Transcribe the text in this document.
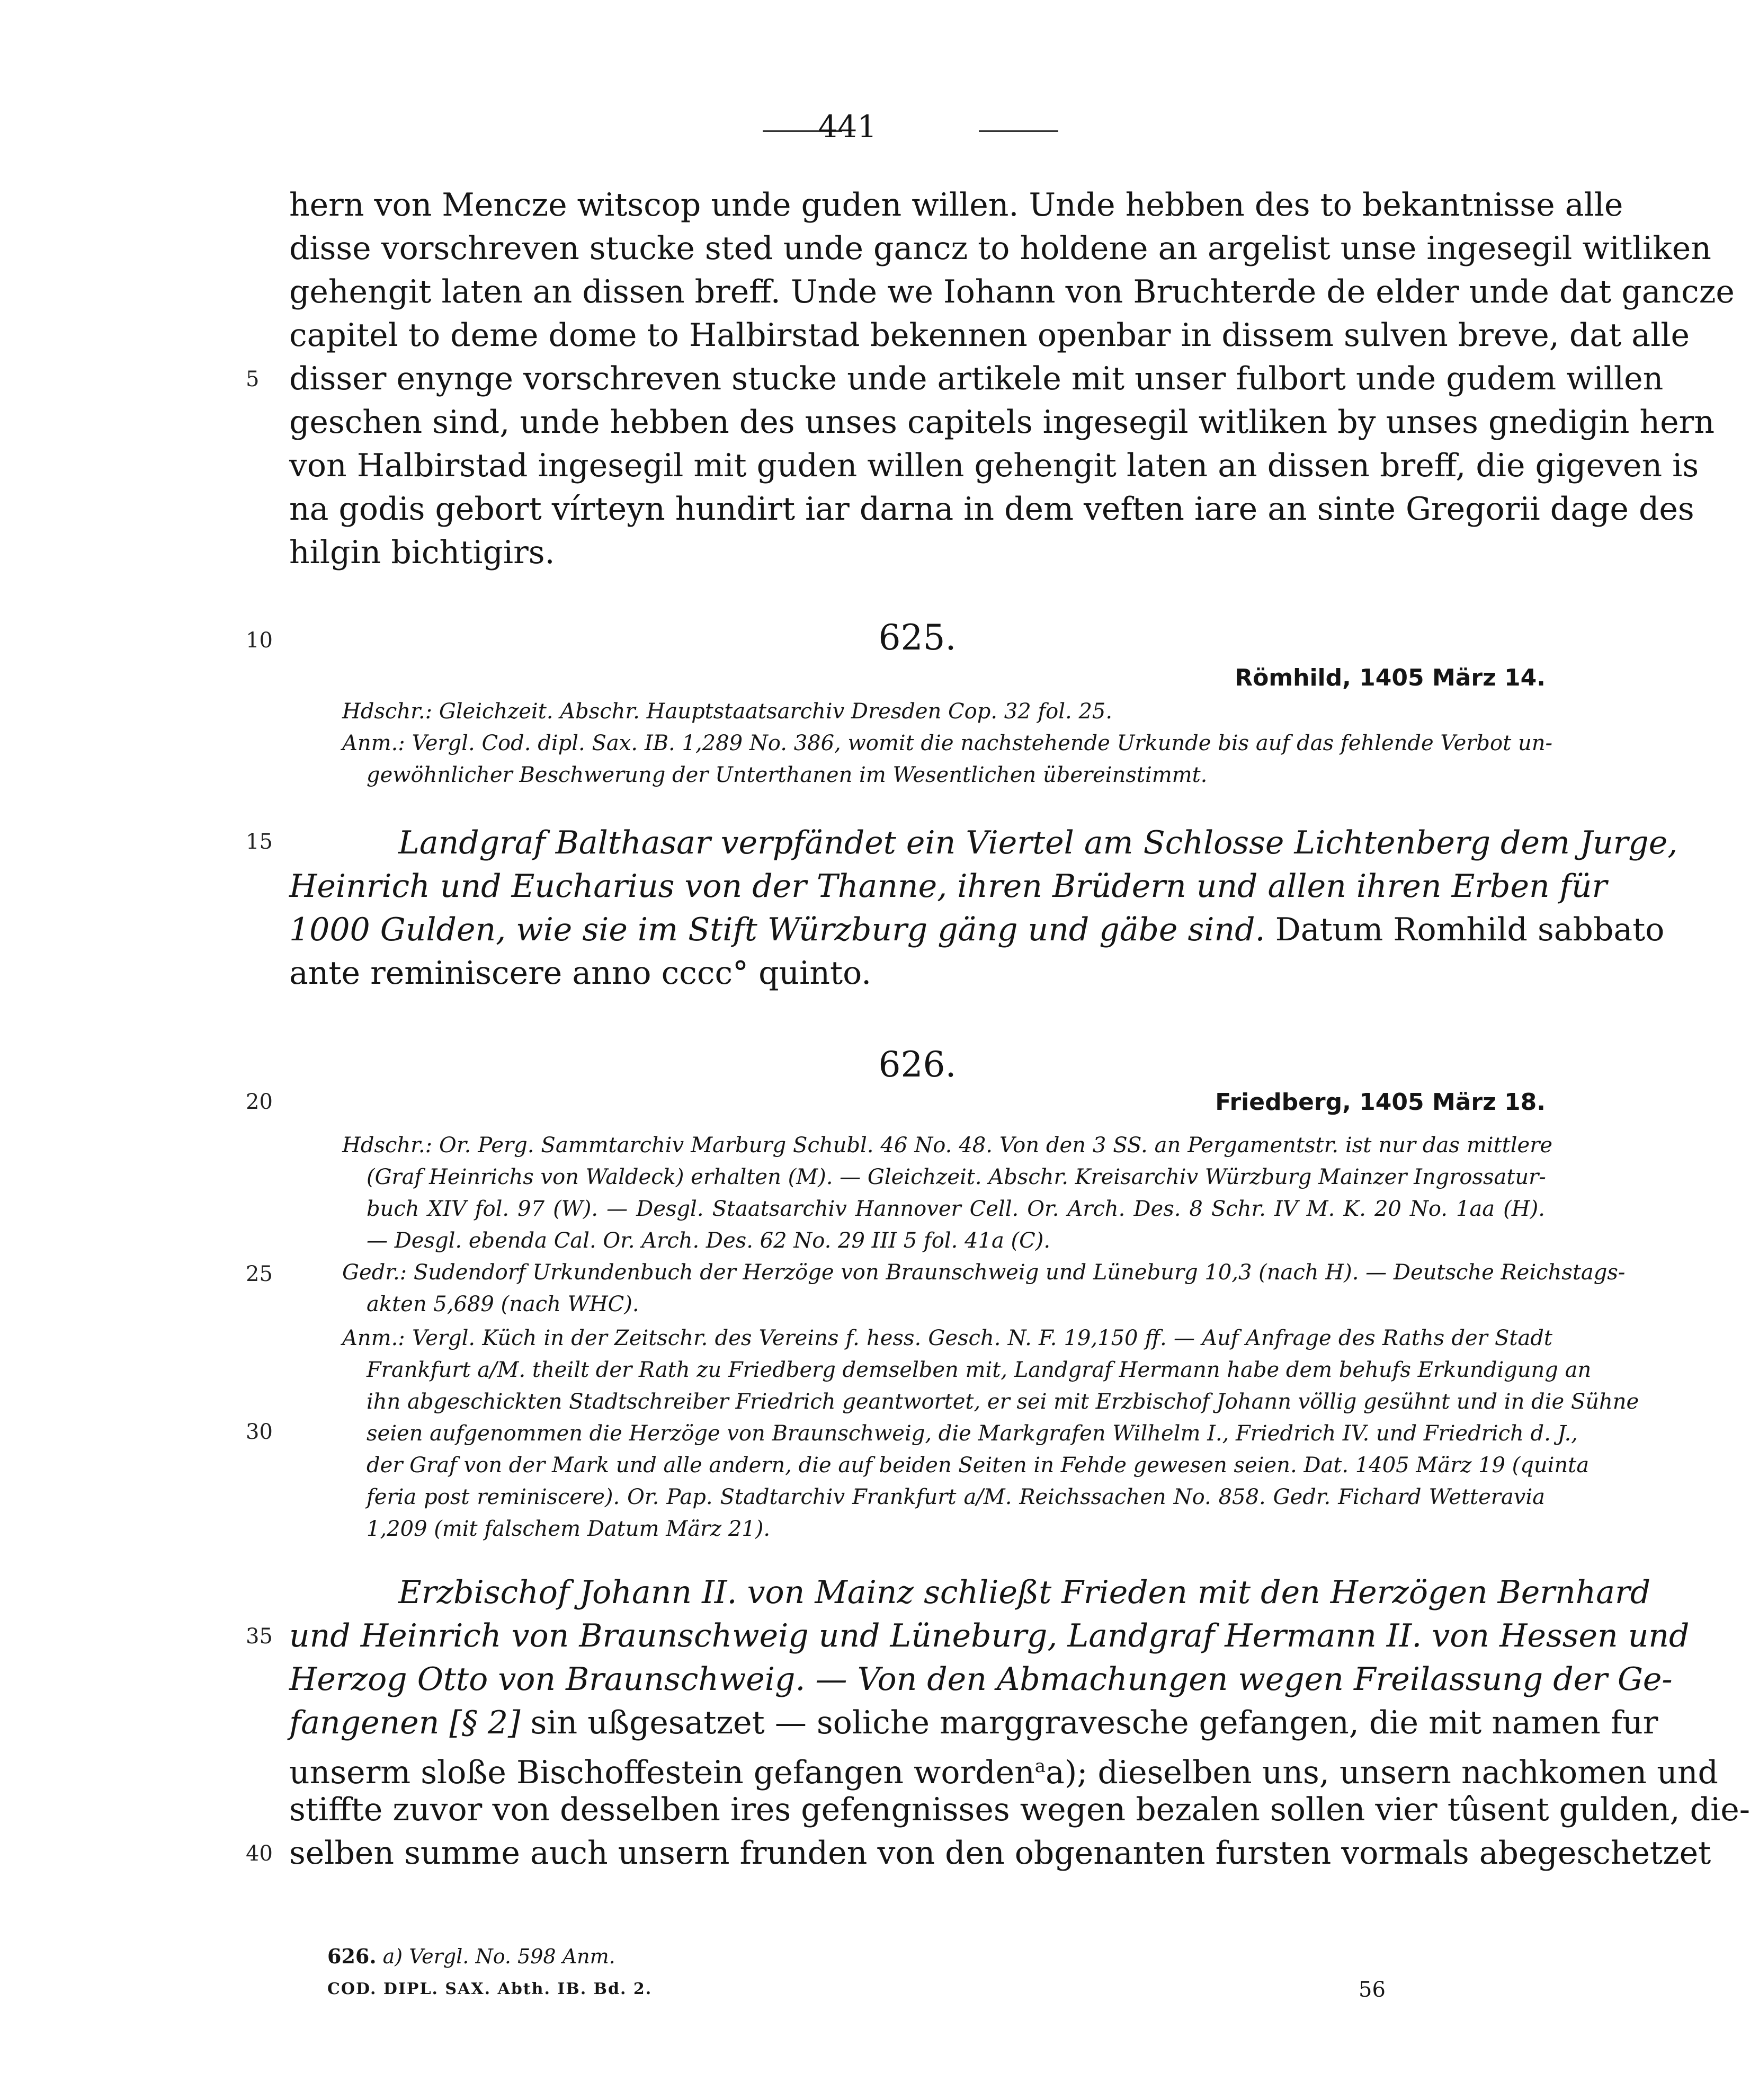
441
hern von Mencze witscop unde guden willen. Unde hebben des to bekantnisse alle
disse vorschreven stucke sted unde gancz to holdene an argelist unse ingesegil witliken
gehengit laten an dissen breff. Unde we Iohann von Bruchterde de elder unde dat gancze
capitel to deme dome to Halbirstad bekennen openbar in dissem sulven breve, dat alle
5 disser enynge vorschreven stucke unde artikele mit unser fulbort unde gudem willen
geschen sind, unde hebben des unses capitels ingesegil witliken by unses gnedigin hern
von Halbirstad ingesegil mit guden willen gehengit laten an dissen breff, die gigeven is
na godis gebort vı́rteyn hundirt iar darna in dem veften iare an sinte Gregorii dage des
hilgin bichtigirs.
10	625.
Römhild, 1405 März 14.
Hdschr.: Gleichzeit. Abschr. Hauptstaatsarchiv Dresden Cop. 32 fol. 25.
Anm.: Vergl. Cod. dipl. Sax. IB. 1,289 No. 386, womit die nachstehende Urkunde bis auf das fehlende Verbot un-
gewöhnlicher Beschwerung der Unterthanen im Wesentlichen übereinstimmt.
15	Landgraf Balthasar verpfändet ein Viertel am Schlosse Lichtenberg dem Jurge,
Heinrich und Eucharius von der Thanne, ihren Brüdern und allen ihren Erben für
1000 Gulden, wie sie im Stift Würzburg gäng und gäbe sind. Datum Romhild sabbato
ante reminiscere anno cccc° quinto.
626.
20	Friedberg, 1405 März 18.
Hdschr.: Or. Perg. Sammtarchiv Marburg Schubl. 46 No. 48. Von den 3 SS. an Pergamentstr. ist nur das mittlere
(Graf Heinrichs von Waldeck) erhalten (M). — Gleichzeit. Abschr. Kreisarchiv Würzburg Mainzer Ingrossatur-
buch XIV fol. 97 (W). — Desgl. Staatsarchiv Hannover Cell. Or. Arch. Des. 8 Schr. IV M. K. 20 No. 1aa (H).
— Desgl. ebenda Cal. Or. Arch. Des. 62 No. 29 III 5 fol. 41a (C).
25	Gedr.: Sudendorf Urkundenbuch der Herzöge von Braunschweig und Lüneburg 10,3 (nach H). — Deutsche Reichstags-
akten 5,689 (nach WHC).
Anm.: Vergl. Küch in der Zeitschr. des Vereins f. hess. Gesch. N. F. 19,150 ff. — Auf Anfrage des Raths der Stadt
Frankfurt a/M. theilt der Rath zu Friedberg demselben mit, Landgraf Hermann habe dem behufs Erkundigung an
ihn abgeschickten Stadtschreiber Friedrich geantwortet, er sei mit Erzbischof Johann völlig gesühnt und in die Sühne
30	seien aufgenommen die Herzöge von Braunschweig, die Markgrafen Wilhelm I., Friedrich IV. und Friedrich d. J.,
der Graf von der Mark und alle andern, die auf beiden Seiten in Fehde gewesen seien. Dat. 1405 März 19 (quinta
feria post reminiscere). Or. Pap. Stadtarchiv Frankfurt a/M. Reichssachen No. 858. Gedr. Fichard Wetteravia
1,209 (mit falschem Datum März 21).
Erzbischof Johann II. von Mainz schließt Frieden mit den Herzögen Bernhard
35 und Heinrich von Braunschweig und Lüneburg, Landgraf Hermann II. von Hessen und
Herzog Otto von Braunschweig. — Von den Abmachungen wegen Freilassung der Ge-
fangenen [§ 2] sin ußgesatzet — soliche marggravesche gefangen, die mit namen fur
unserm sloße Bischoffestein gefangen worden$^a$a); dieselben uns, unsern nachkomen und
stiffte zuvor von desselben ires gefengnisses wegen bezalen sollen vier tûsent gulden, die-
40 selben summe auch unsern frunden von den obgenanten fursten vormals abegeschetzet
626. a) Vergl. No. 598 Anm.
COD. DIPL. SAX. Abth. IB. Bd. 2.	56
